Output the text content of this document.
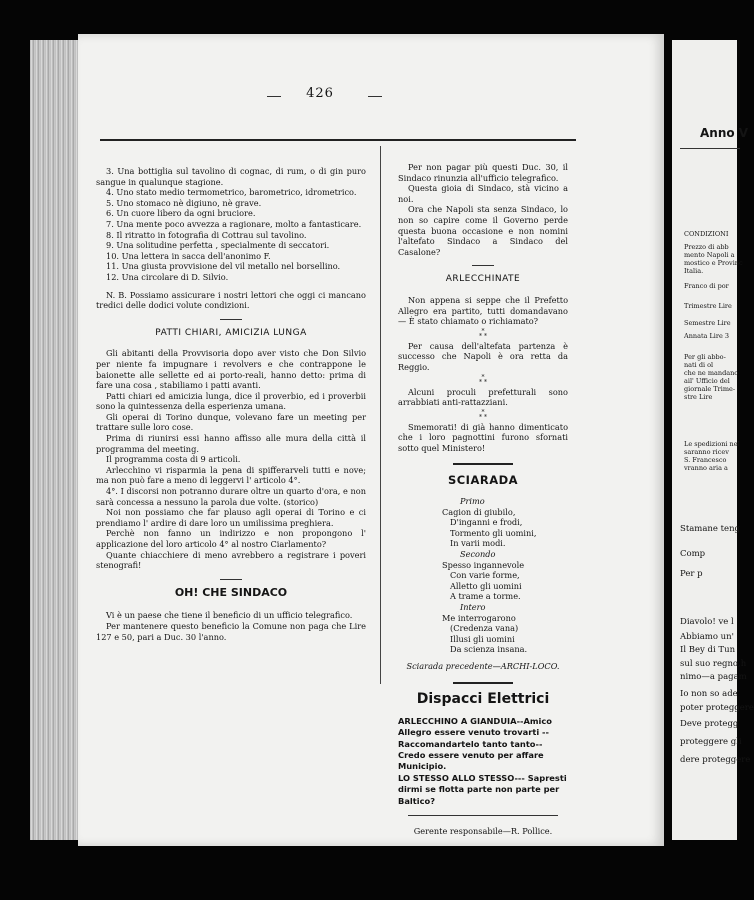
Anno V
CONDIZIONI
Prezzo di abb
mento Napoli a
mostico e Provinc
Italia.
Franco di por
Trimestre Lire
Semestre Lire
Annata Lire 3
Per gli abbo-
nati di ol
che ne mandano
ail' Ufficio del
giornale Trime-
stre Lire
Le spedizioni nel
saranno ricev
S. Francesco
vranno aria a
Stamane teng
Comp
Per p
Diavolo! ve l
Abbiamo un'
Il Bey di Tun
sul suo regno,h
nimo—a pagam
Io non so ade
poter proteggere
Deve protegg
proteggere gli
dere proteggere
426

3. Una bottiglia sul tavolino di cognac, di rum, o di gin puro sangue in qualunque stagione.

4. Uno stato medio termometrico, barometrico, idrometrico.

5. Uno stomaco nè digiuno, nè grave.

6. Un cuore libero da ogni bruciore.

7. Una mente poco avvezza a ragionare, molto a fantasticare.

8. Il ritratto in fotografia di Cottrau sul tavolino.

9. Una solitudine perfetta , specialmente di seccatori.

10. Una lettera in sacca dell'anonimo F.

11. Una giusta provvisione del vil metallo nel borsellino.

12. Una circolare di D. Silvio.

N. B. Possiamo assicurare i nostri lettori che oggi ci mancano tredici delle dodici volute condizioni.

PATTI CHIARI, AMICIZIA LUNGA

Gli abitanti della Provvisoria dopo aver visto che Don Silvio per niente fa impugnare i revolvers e che contrappone le baionette alle sellette ed ai porto-reali, hanno detto: prima di fare una cosa , stabiliamo i patti avanti.

Patti chiari ed amicizia lunga, dice il proverbio, ed i proverbii sono la quintessenza della esperienza umana.

Gli operai di Torino dunque, volevano fare un meeting per trattare sulle loro cose.

Prima di riunirsi essi hanno affisso alle mura della città il programma del meeting.

Il programma costa di 9 articoli.

Arlecchino vi risparmia la pena di spifferarveli tutti e nove; ma non può fare a meno di leggervi l' articolo 4°.

4°. I discorsi non potranno durare oltre un quarto d'ora, e non sarà concessa a nessuno la parola due volte. (storico)

Noi non possiamo che far plauso agli operai di Torino e ci prendiamo l' ardire di dare loro un umilissima preghiera.

Perchè non fanno un indirizzo e non propongono l' applicazione del loro articolo 4° al nostro Ciarlamento?

Quante chiacchiere di meno avrebbero a registrare i poveri stenografi!

OH! CHE SINDACO

Vi è un paese che tiene il beneficio di un ufficio telegrafico.

Per mantenere questo beneficio la Comune non paga che Lire 127 e 50, pari a Duc. 30 l'anno.

Per non pagar più questi Duc. 30, il Sindaco rinunzia all'ufficio telegrafico.

Questa gioia di Sindaco, stà vicino a noi.

Ora che Napoli sta senza Sindaco, lo non so capire come il Governo perde questa buona occasione e non nomini l'altefato Sindaco a Sindaco del Casalone?

ARLECCHINATE

Non appena si seppe che il Prefetto Allegro era partito, tutti domandavano — È stato chiamato o richiamato?

*
* *

Per causa dell'altefata partenza è successo che Napoli è ora retta da Reggio.

*
* *

Alcuni proculi prefetturali sono arrabbiati anti-rattazziani.

*
* *

Smemorati! di già hanno dimenticato che i loro pagnottini furono sfornati sotto quel Ministero!

SCIARADA
Primo
Cagion di giubilo,
D'inganni e frodi,
Tormento gli uomini,
In varii modi.
Secondo
Spesso ingannevole
Con varie forme,
Alletto gli uomini
A trame a torme.
Intero
Me interrogarono
(Credenza vana)
Illusi gli uomini
Da scienza insana.
Sciarada precedente—ARCHI-LOCO.
Dispacci Elettrici
ARLECCHINO A GIANDUIA--Amico Allegro essere venuto trovarti -- Raccomandartelo tanto tanto--Credo essere venuto per affare Municipio.
LO STESSO ALLO STESSO--- Sapresti dirmi se flotta parte non parte per Baltico?
Gerente responsabile—R. Pollice.
